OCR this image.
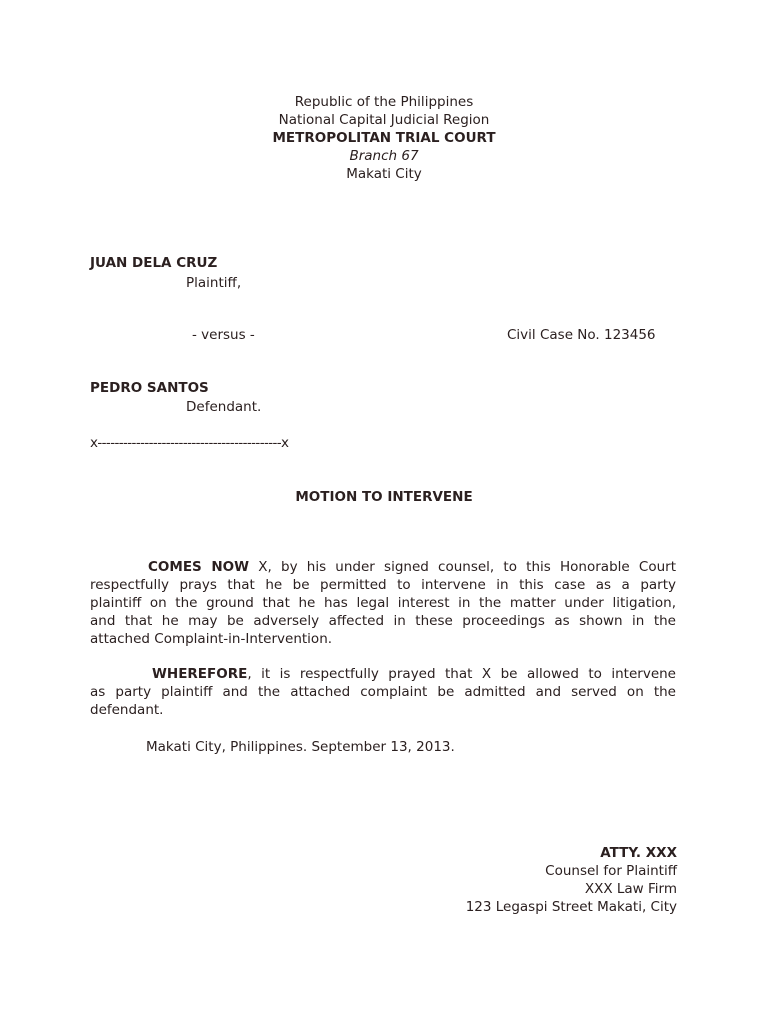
Republic of the Philippines
National Capital Judicial Region
METROPOLITAN TRIAL COURT
Branch 67
Makati City
JUAN DELA CRUZ
Plaintiff,
- versus -	Civil Case No. 123456
PEDRO SANTOS
Defendant.
x-------------------------------------------x
MOTION TO INTERVENE
COMES NOW X, by his under signed counsel, to this Honorable Court
respectfully prays that he be permitted to intervene in this case as a party
plaintiff on the ground that he has legal interest in the matter under litigation,
and that he may be adversely affected in these proceedings as shown in the
attached Complaint-in-Intervention.
WHEREFORE, it is respectfully prayed that X be allowed to intervene
as party plaintiff and the attached complaint be admitted and served on the
defendant.
Makati City, Philippines. September 13, 2013.
ATTY. XXX
Counsel for Plaintiff
XXX Law Firm
123 Legaspi Street Makati, City
